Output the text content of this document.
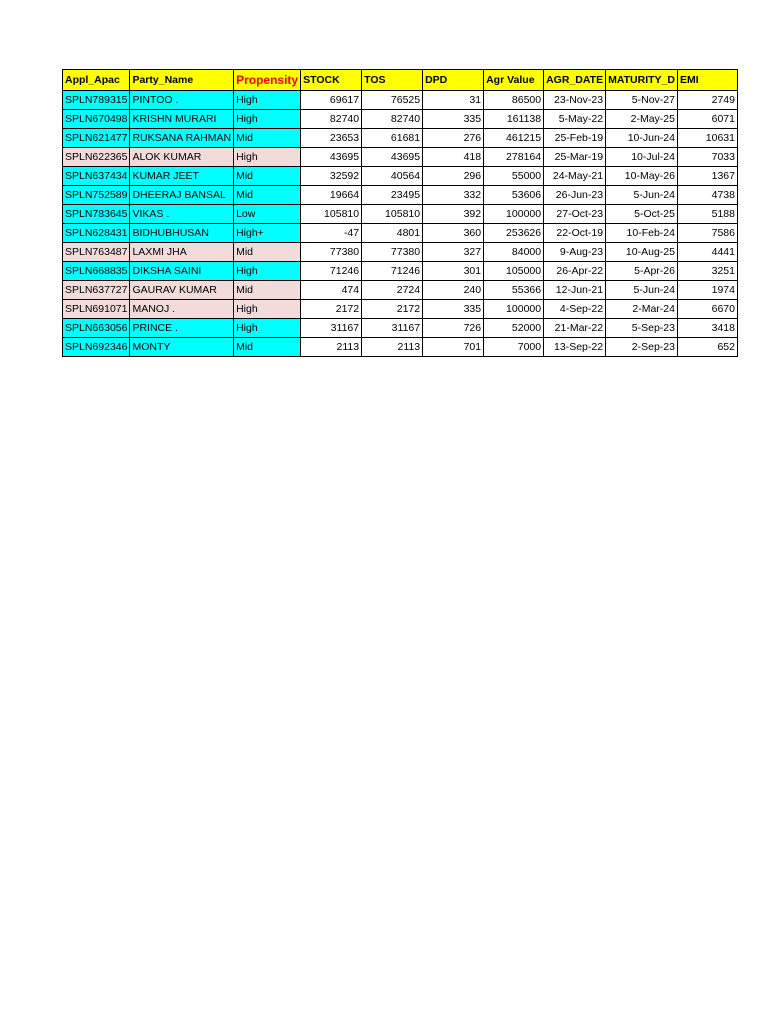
Appl_Apac	Party_Name	Propensity	STOCK	TOS	DPD	Agr Value	AGR_DATE	MATURITY_D	EMI
SPLN789315	PINTOO .	High	69617	76525	31	86500	23-Nov-23	5-Nov-27	2749
SPLN670498	KRISHN MURARI	High	82740	82740	335	161138	5-May-22	2-May-25	6071
SPLN621477	RUKSANA RAHMAN	Mid	23653	61681	276	461215	25-Feb-19	10-Jun-24	10631
SPLN622365	ALOK KUMAR	High	43695	43695	418	278164	25-Mar-19	10-Jul-24	7033
SPLN637434	KUMAR JEET	Mid	32592	40564	296	55000	24-May-21	10-May-26	1367
SPLN752589	DHEERAJ BANSAL	Mid	19664	23495	332	53606	26-Jun-23	5-Jun-24	4738
SPLN783645	VIKAS .	Low	105810	105810	392	100000	27-Oct-23	5-Oct-25	5188
SPLN628431	BIDHUBHUSAN	High+	-47	4801	360	253626	22-Oct-19	10-Feb-24	7586
SPLN763487	LAXMI JHA	Mid	77380	77380	327	84000	9-Aug-23	10-Aug-25	4441
SPLN668835	DIKSHA SAINI	High	71246	71246	301	105000	26-Apr-22	5-Apr-26	3251
SPLN637727	GAURAV KUMAR	Mid	474	2724	240	55366	12-Jun-21	5-Jun-24	1974
SPLN691071	MANOJ .	High	2172	2172	335	100000	4-Sep-22	2-Mar-24	6670
SPLN663056	PRINCE .	High	31167	31167	726	52000	21-Mar-22	5-Sep-23	3418
SPLN692346	MONTY	Mid	2113	2113	701	7000	13-Sep-22	2-Sep-23	652
